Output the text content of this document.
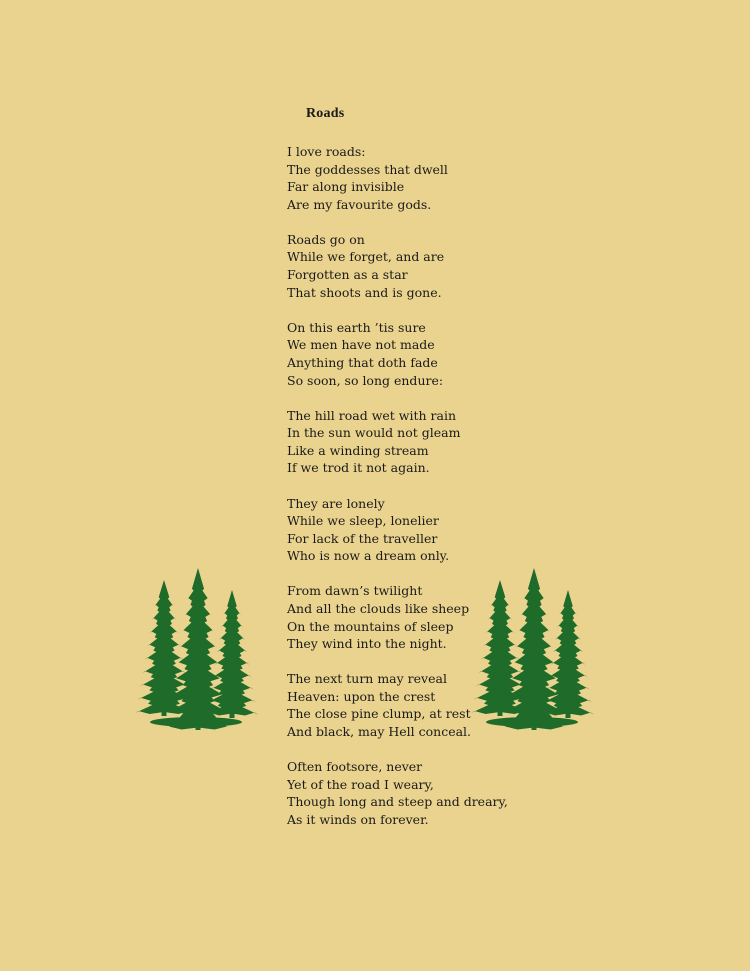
Roads
I love roads:
The goddesses that dwell
Far along invisible
Are my favourite gods.
Roads go on
While we forget, and are
Forgotten as a star
That shoots and is gone.
On this earth ’tis sure
We men have not made
Anything that doth fade
So soon, so long endure:
The hill road wet with rain
In the sun would not gleam
Like a winding stream
If we trod it not again.
They are lonely
While we sleep, lonelier
For lack of the traveller
Who is now a dream only.
From dawn’s twilight
And all the clouds like sheep
On the mountains of sleep
They wind into the night.
The next turn may reveal
Heaven: upon the crest
The close pine clump, at rest
And black, may Hell conceal.
Often footsore, never
Yet of the road I weary,
Though long and steep and dreary,
As it winds on forever.
